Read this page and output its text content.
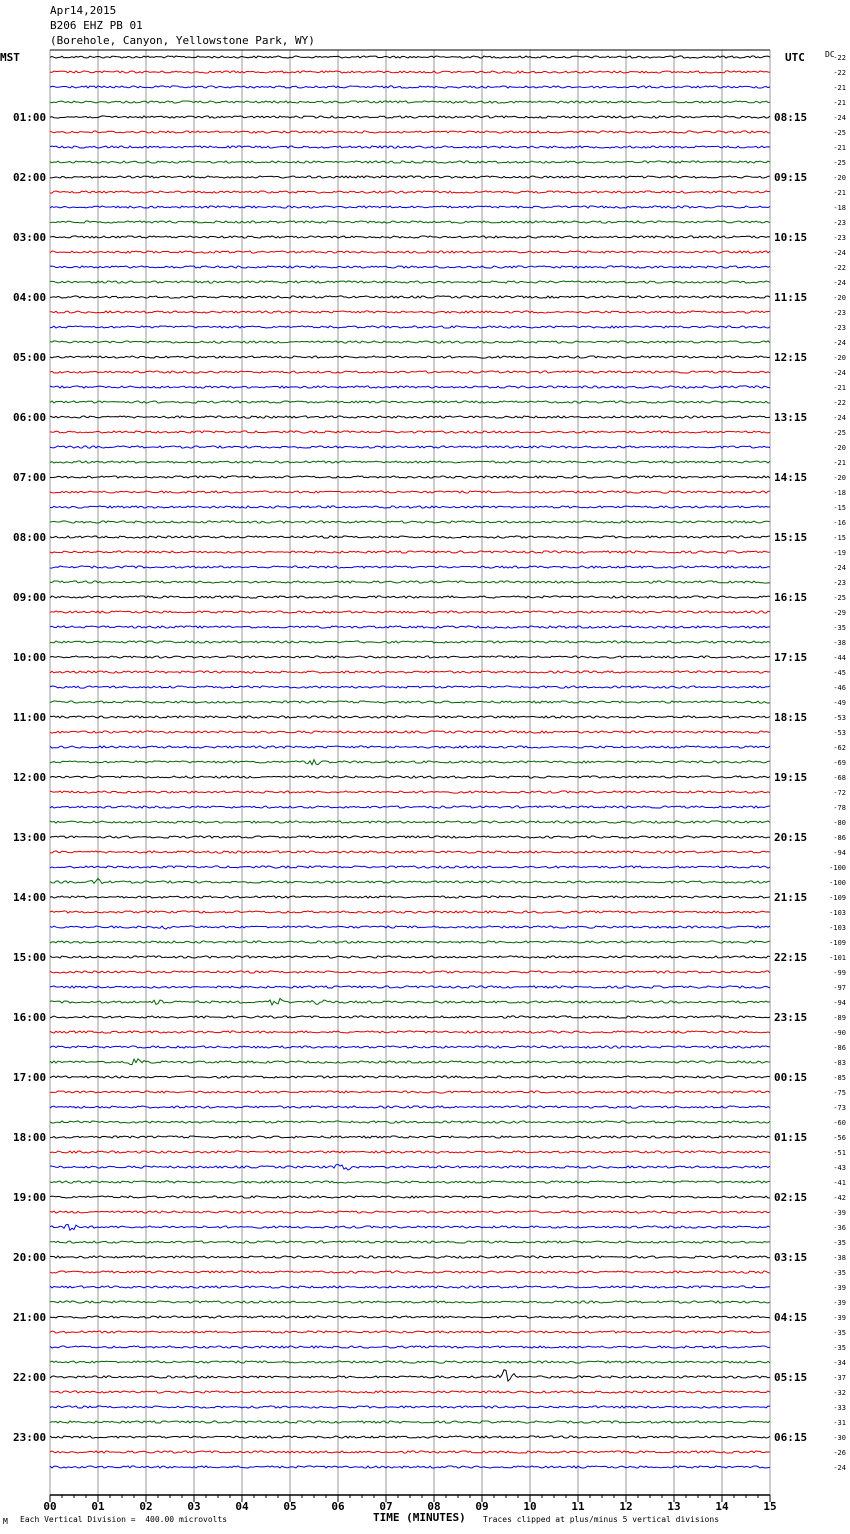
Apr14,2015
B206 EHZ PB 01
(Borehole, Canyon, Yellowstone Park, WY)
MST	UTC
00	01	02	03	04	05	06	07	08	09	10	11	12	13	14	15
-22
-22
-21
-21
-24
-25
-21
-25
-20
-21
-18
-23
-23
-24
-22
-24
-20
-23
-23
-24
-20
-24
-21
-22
-24
-25
-20
-21
-20
-18
-15
-16
-15
-19
-24
-23
-25
-29
-35
-38
-44
-45
-46
-49
-53
-53
-62
-69
-68
-72
-78
-80
-86
-94
-100
-100
-109
-103
-103
-109
-101
-99
-97
-94
-89
-90
-86
-83
-85
-75
-73
-60
-56
-51
-43
-41
-42
-39
-36
-35
-38
-35
-39
-39
-39
-35
-35
-34
-37
-32
-33
-31
-30
-26
-24
01:00	08:15
02:00	09:15
03:00	10:15
04:00	11:15
05:00	12:15
06:00	13:15
07:00	14:15
08:00	15:15
09:00	16:15
10:00	17:15
11:00	18:15
12:00	19:15
13:00	20:15
14:00	21:15
15:00	22:15
16:00	23:15
17:00	00:15
18:00	01:15
19:00	02:15
20:00	03:15
21:00	04:15
22:00	05:15
23:00	06:15
DC
M Each Vertical Division =  400.00 microvolts	TIME (MINUTES) Traces clipped at plus/minus 5 vertical divisions
